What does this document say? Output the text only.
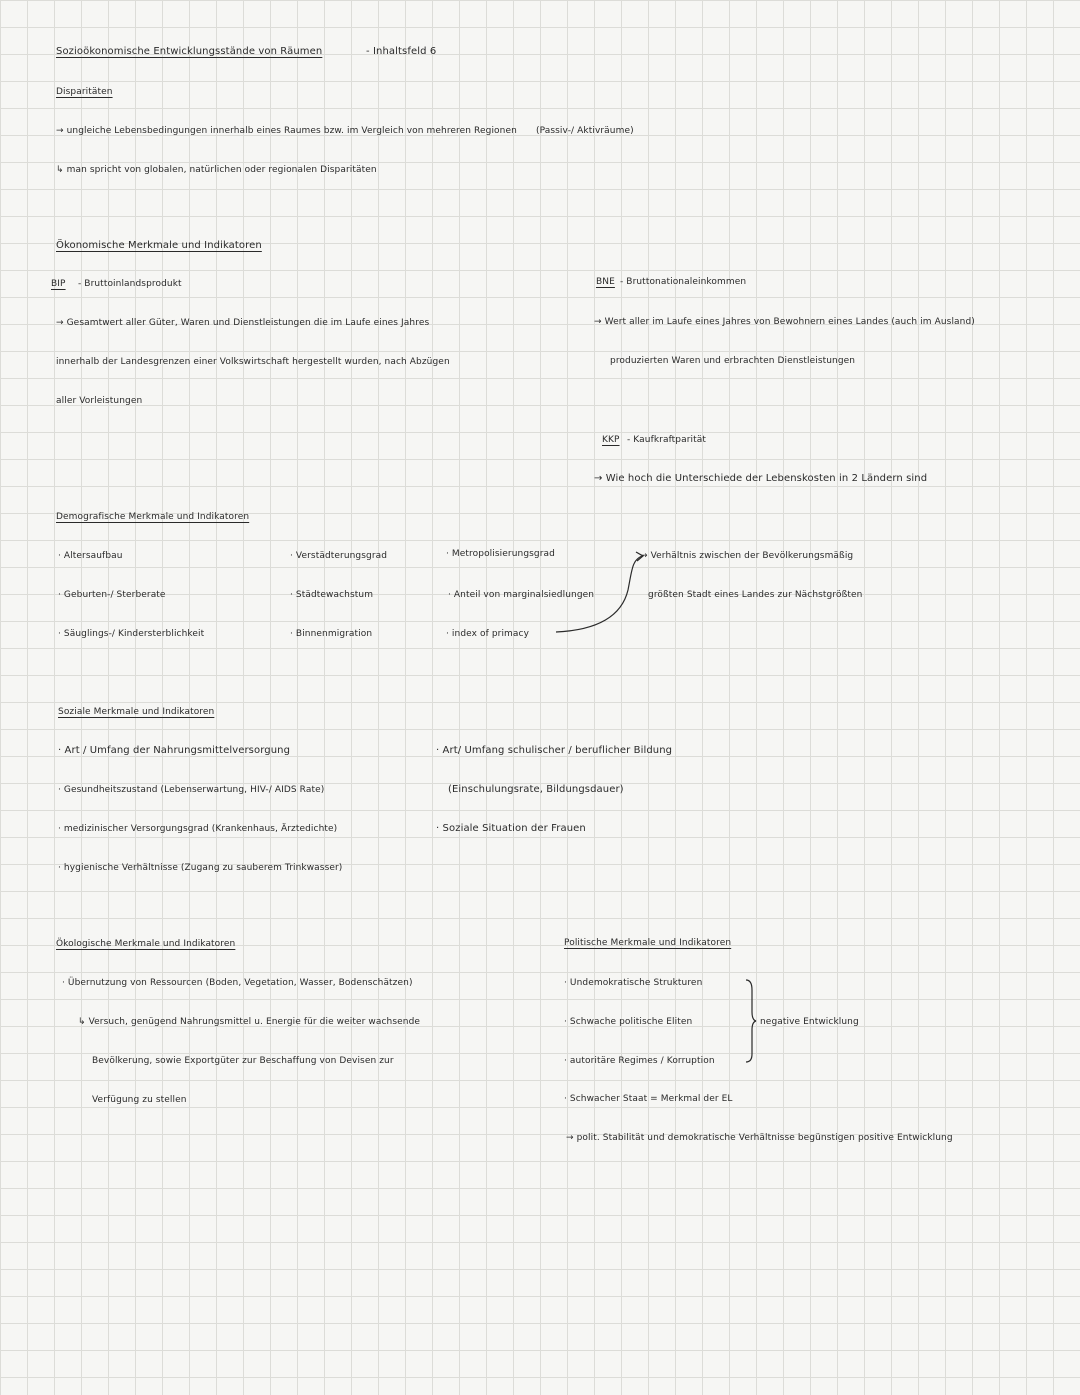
Sozioökonomische Entwicklungsstände von Räumen	- Inhaltsfeld 6
Disparitäten
→ ungleiche Lebensbedingungen innerhalb eines Raumes bzw. im Vergleich von mehreren Regionen (Passiv-/ Aktivräume)
↳ man spricht von globalen, natürlichen oder regionalen Disparitäten
Ökonomische Merkmale und Indikatoren
BIP - Bruttoinlandsprodukt
→ Gesamtwert aller Güter, Waren und Dienstleistungen die im Laufe eines Jahres
innerhalb der Landesgrenzen einer Volkswirtschaft hergestellt wurden, nach Abzügen
aller Vorleistungen
BNE - Bruttonationaleinkommen
→ Wert aller im Laufe eines Jahres von Bewohnern eines Landes (auch im Ausland)
produzierten Waren und erbrachten Dienstleistungen
KKP - Kaufkraftparität
→ Wie hoch die Unterschiede der Lebenskosten in 2 Ländern sind
Demografische Merkmale und Indikatoren
· Altersaufbau
· Geburten-/ Sterberate
· Säuglings-/ Kindersterblichkeit
· Verstädterungsgrad
· Städtewachstum
· Binnenmigration
· Metropolisierungsgrad
· Anteil von marginalsiedlungen
· index of primacy
→ Verhältnis zwischen der Bevölkerungsmäßig
größten Stadt eines Landes zur Nächstgrößten
Soziale Merkmale und Indikatoren
· Art / Umfang der Nahrungsmittelversorgung
· Gesundheitszustand (Lebenserwartung, HIV-/ AIDS Rate)
· medizinischer Versorgungsgrad (Krankenhaus, Ärztedichte)
· hygienische Verhältnisse (Zugang zu sauberem Trinkwasser)
· Art/ Umfang schulischer / beruflicher Bildung
(Einschulungsrate, Bildungsdauer)
· Soziale Situation der Frauen
Ökologische Merkmale und Indikatoren
· Übernutzung von Ressourcen (Boden, Vegetation, Wasser, Bodenschätzen)
↳ Versuch, genügend Nahrungsmittel u. Energie für die weiter wachsende
Bevölkerung, sowie Exportgüter zur Beschaffung von Devisen zur
Verfügung zu stellen
Politische Merkmale und Indikatoren
· Undemokratische Strukturen
· Schwache politische Eliten
· autoritäre Regimes / Korruption
negative Entwicklung
· Schwacher Staat = Merkmal der EL
→ polit. Stabilität und demokratische Verhältnisse begünstigen positive Entwicklung
